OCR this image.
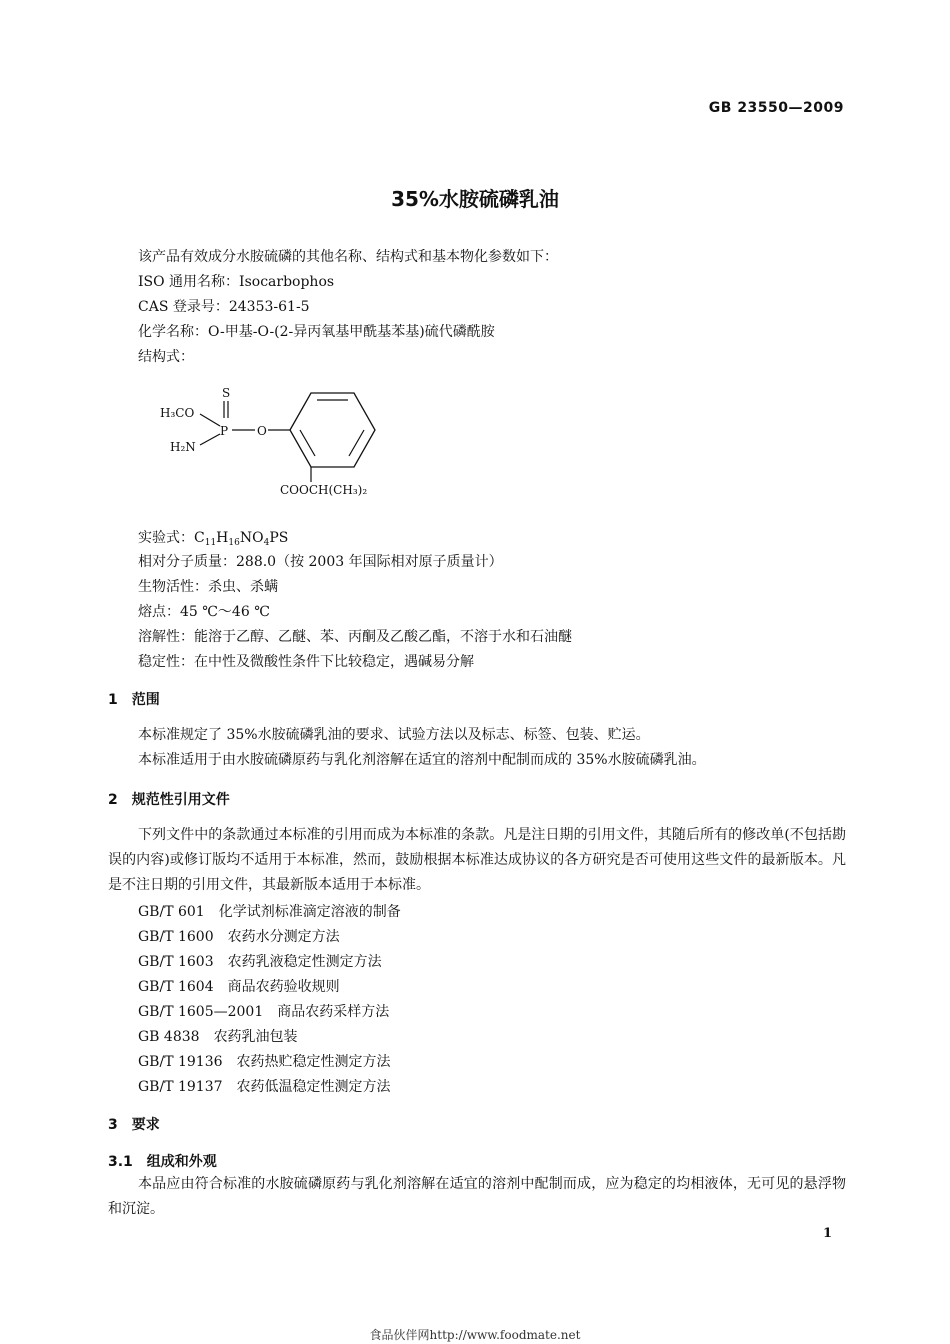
GB 23550—2009
35%水胺硫磷乳油
该产品有效成分水胺硫磷的其他名称、结构式和基本物化参数如下：
ISO 通用名称：Isocarbophos
CAS 登录号：24353-61-5
化学名称：O-甲基-O-(2-异丙氧基甲酰基苯基)硫代磷酰胺
结构式：
S
H₃CO
P O
H₂N
COOCH(CH₃)₂
实验式：$C_{11}H_{16}NO_4PS$
相对分子质量：288.0（按 2003 年国际相对原子质量计）
生物活性：杀虫、杀螨
熔点：45 ℃～46 ℃
溶解性：能溶于乙醇、乙醚、苯、丙酮及乙酸乙酯，不溶于水和石油醚
稳定性：在中性及微酸性条件下比较稳定，遇碱易分解
1　范围
本标准规定了 35%水胺硫磷乳油的要求、试验方法以及标志、标签、包装、贮运。
本标准适用于由水胺硫磷原药与乳化剂溶解在适宜的溶剂中配制而成的 35%水胺硫磷乳油。
2　规范性引用文件
下列文件中的条款通过本标准的引用而成为本标准的条款。凡是注日期的引用文件，其随后所有的修改单(不包括勘误的内容)或修订版均不适用于本标准，然而，鼓励根据本标准达成协议的各方研究是否可使用这些文件的最新版本。凡是不注日期的引用文件，其最新版本适用于本标准。
GB/T 601　 化学试剂标准滴定溶液的制备
GB/T 1600　 农药水分测定方法
GB/T 1603　 农药乳液稳定性测定方法
GB/T 1604　 商品农药验收规则
GB/T 1605—2001　 商品农药采样方法
GB 4838　 农药乳油包装
GB/T 19136　 农药热贮稳定性测定方法
GB/T 19137　 农药低温稳定性测定方法
3　要求
3.1　组成和外观
本品应由符合标准的水胺硫磷原药与乳化剂溶解在适宜的溶剂中配制而成，应为稳定的均相液体，无可见的悬浮物和沉淀。
1
食品伙伴网http://www.foodmate.net
